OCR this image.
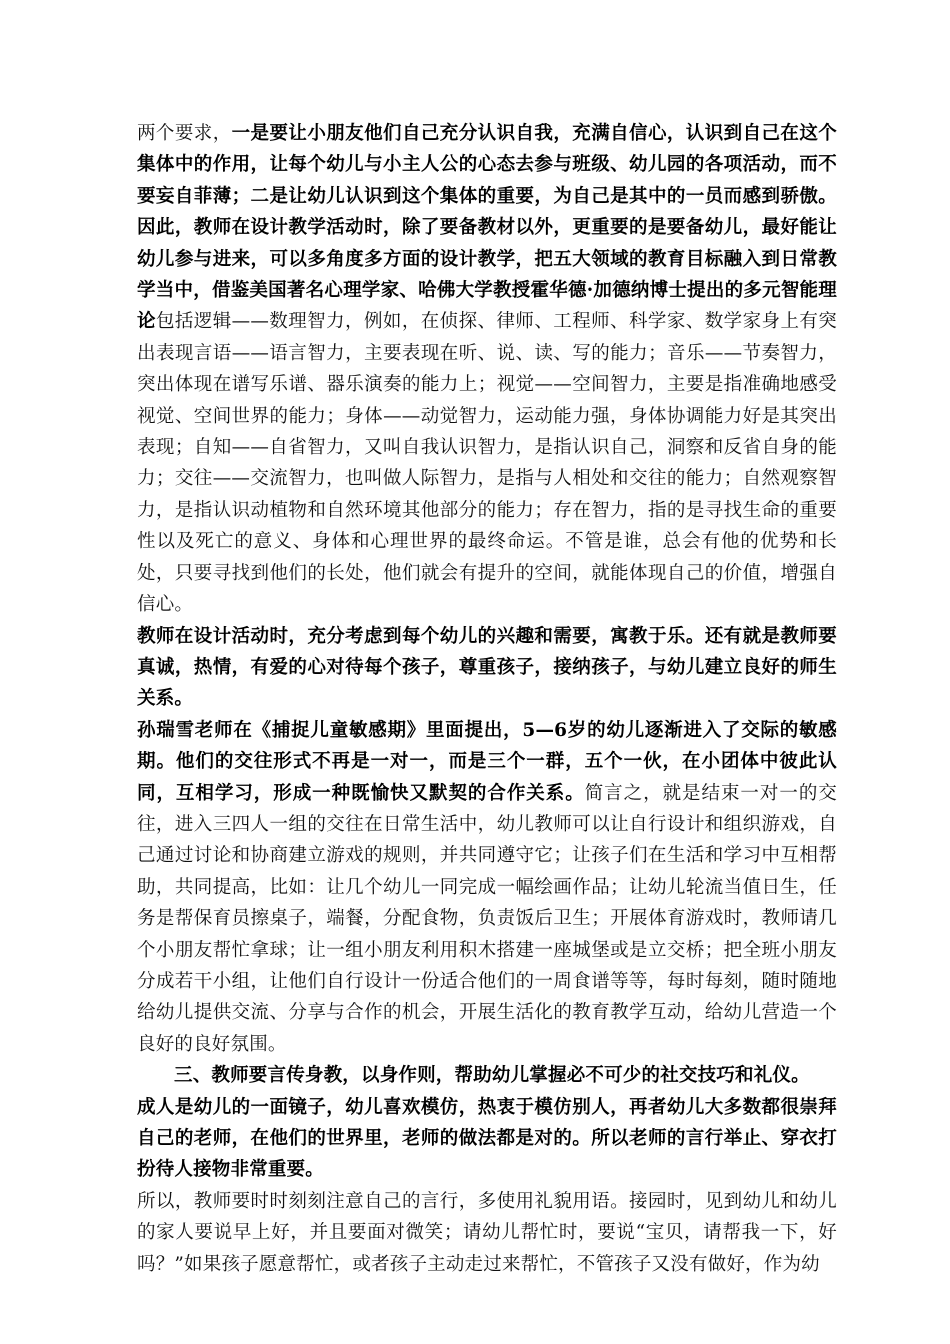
两个要求，一是要让小朋友他们自己充分认识自我，充满自信心，认识到自己在这个集体中的作用，让每个幼儿与小主人公的心态去参与班级、幼儿园的各项活动，而不要妄自菲薄；二是让幼儿认识到这个集体的重要，为自己是其中的一员而感到骄傲。因此，教师在设计教学活动时，除了要备教材以外，更重要的是要备幼儿，最好能让幼儿参与进来，可以多角度多方面的设计教学，把五大领域的教育目标融入到日常教学当中，借鉴美国著名心理学家、哈佛大学教授霍华德·加德纳博士提出的多元智能理论包括逻辑——数理智力，例如，在侦探、律师、工程师、科学家、数学家身上有突出表现言语——语言智力，主要表现在听、说、读、写的能力；音乐——节奏智力，突出体现在谱写乐谱、器乐演奏的能力上；视觉——空间智力，主要是指准确地感受视觉、空间世界的能力；身体——动觉智力，运动能力强，身体协调能力好是其突出表现；自知——自省智力，又叫自我认识智力，是指认识自己，洞察和反省自身的能力；交往——交流智力，也叫做人际智力，是指与人相处和交往的能力；自然观察智力，是指认识动植物和自然环境其他部分的能力；存在智力，指的是寻找生命的重要性以及死亡的意义、身体和心理世界的最终命运。不管是谁，总会有他的优势和长处，只要寻找到他们的长处，他们就会有提升的空间，就能体现自己的价值，增强自信心。

教师在设计活动时，充分考虑到每个幼儿的兴趣和需要，寓教于乐。还有就是教师要真诚，热情，有爱的心对待每个孩子，尊重孩子，接纳孩子，与幼儿建立良好的师生关系。

孙瑞雪老师在《捕捉儿童敏感期》里面提出，5—6岁的幼儿逐渐进入了交际的敏感期。他们的交往形式不再是一对一，而是三个一群，五个一伙，在小团体中彼此认同，互相学习，形成一种既愉快又默契的合作关系。简言之，就是结束一对一的交往，进入三四人一组的交往在日常生活中，幼儿教师可以让自行设计和组织游戏，自己通过讨论和协商建立游戏的规则，并共同遵守它；让孩子们在生活和学习中互相帮助，共同提高，比如：让几个幼儿一同完成一幅绘画作品；让幼儿轮流当值日生，任务是帮保育员擦桌子，端餐，分配食物，负责饭后卫生；开展体育游戏时，教师请几个小朋友帮忙拿球；让一组小朋友利用积木搭建一座城堡或是立交桥；把全班小朋友分成若干小组，让他们自行设计一份适合他们的一周食谱等等，每时每刻，随时随地给幼儿提供交流、分享与合作的机会，开展生活化的教育教学互动，给幼儿营造一个良好的良好氛围。

三、教师要言传身教，以身作则，帮助幼儿掌握必不可少的社交技巧和礼仪。

成人是幼儿的一面镜子，幼儿喜欢模仿，热衷于模仿别人，再者幼儿大多数都很崇拜自己的老师，在他们的世界里，老师的做法都是对的。所以老师的言行举止、穿衣打扮待人接物非常重要。

所以，教师要时时刻刻注意自己的言行，多使用礼貌用语。接园时，见到幼儿和幼儿的家人要说早上好，并且要面对微笑；请幼儿帮忙时，要说“宝贝，请帮我一下，好吗？”如果孩子愿意帮忙，或者孩子主动走过来帮忙，不管孩子又没有做好，作为幼
